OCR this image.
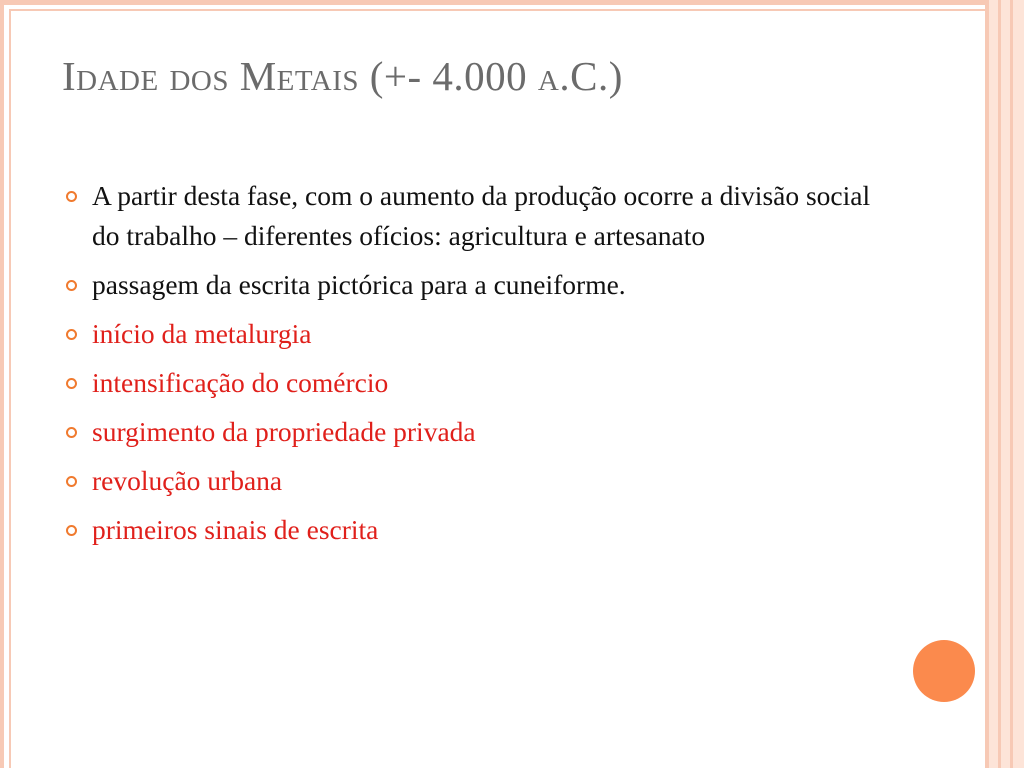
Idade dos Metais (+- 4.000 a.C.)
A partir desta fase, com o aumento da produção ocorre a divisão social do trabalho – diferentes ofícios: agricultura e artesanato
passagem da escrita pictórica para a cuneiforme.
início da metalurgia
intensificação do comércio
surgimento da propriedade privada
revolução urbana
primeiros sinais de escrita
